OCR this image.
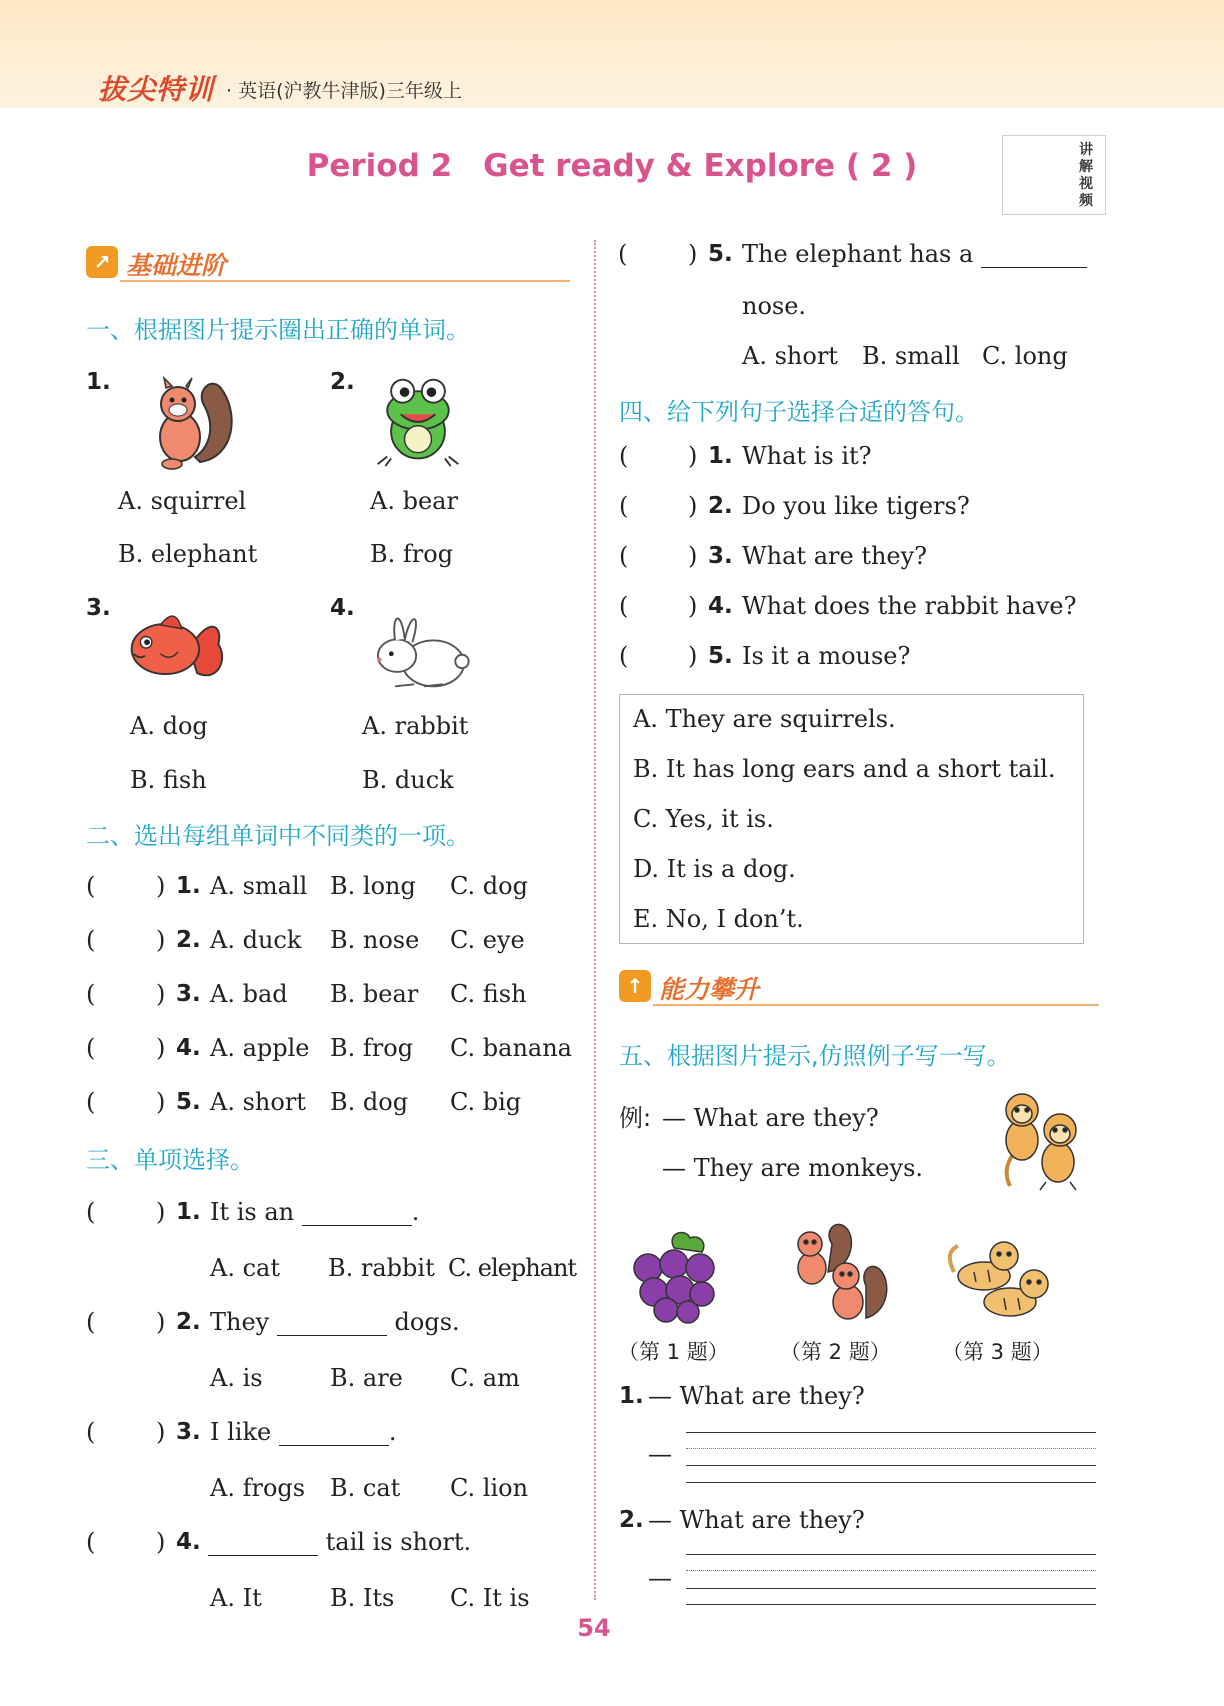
拔尖特训 · 英语(沪教牛津版)三年级上
Period 2　Get ready & Explore ( 2 )	讲解视频
↗ 基础进阶
一、根据图片提示圈出正确的单词。
1.
A. squirrel
B. elephant
2.
A. bear
B. frog
3.
A. dog
B. fish
4.
A. rabbit
B. duck
二、选出每组单词中不同类的一项。
(	) 1. A. small B. long C. dog
(	) 2. A. duck B. nose C. eye
(	) 3. A. bad B. bear C. fish
(	) 4. A. apple B. frog C. banana
(	) 5. A. short B. dog C. big
三、单项选择。
(	) 1. It is an	.
A. cat B. rabbit C. elephant
(	) 2. They	dogs.
A. is	B. are C. am
(	) 3. I like	.
A. frogs B. cat C. lion
(	) 4.	tail is short.
A. It	B. Its C. It is
(	) 5. The elephant has a
nose.
A. short B. small C. long
四、给下列句子选择合适的答句。
( ) 1. What is it?
( ) 2. Do you like tigers?
( ) 3. What are they?
( ) 4. What does the rabbit have?
( ) 5. Is it a mouse?
A. They are squirrels.
B. It has long ears and a short tail.
C. Yes, it is.
D. It is a dog.
E. No, I don’t.
↑ 能力攀升
五、根据图片提示,仿照例子写一写。
例: — What are they?
— They are monkeys.
（第 1 题） （第 2 题） （第 3 题）
1. — What are they?
—
2. — What are they?
—
54
